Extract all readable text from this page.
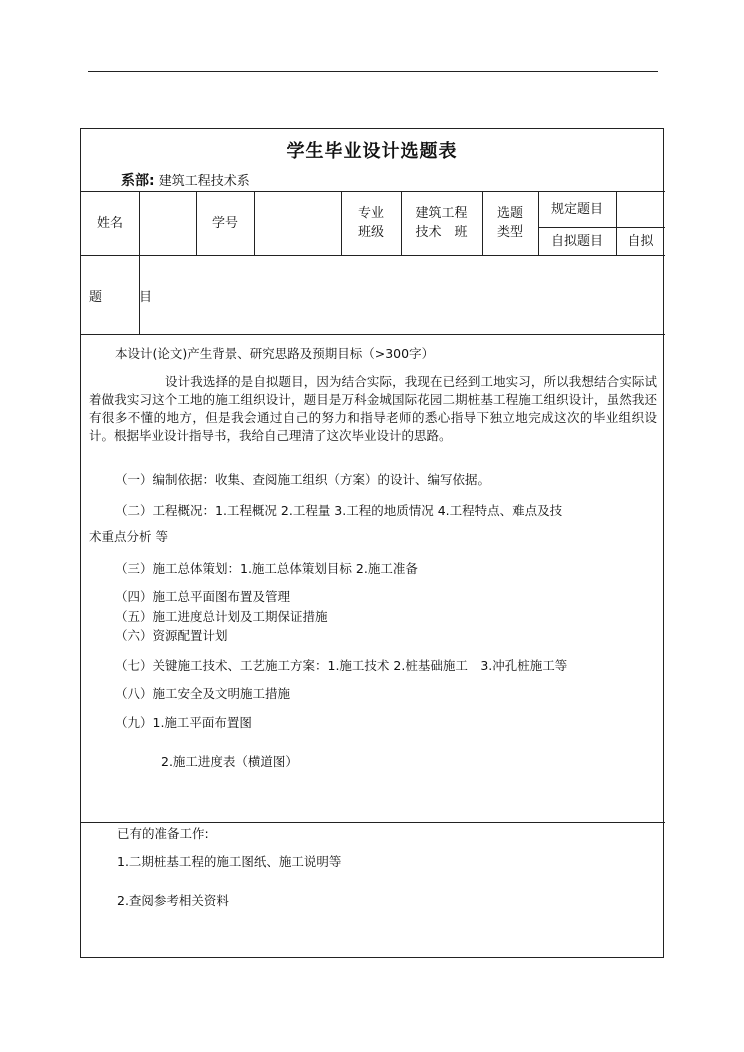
学生毕业设计选题表
系部: 建筑工程技术系
姓名	学号
专业
班级
建筑工程
技术　班
选题
类型
规定题目
自拟题目	自拟
题　目
本设计(论文)产生背景、研究思路及预期目标（>300字）
设计我选择的是自拟题目，因为结合实际，我现在已经到工地实习，所以我想结合实际试着做我实习这个工地的施工组织设计，题目是万科金城国际花园二期桩基工程施工组织设计，虽然我还有很多不懂的地方，但是我会通过自己的努力和指导老师的悉心指导下独立地完成这次的毕业组织设计。根据毕业设计指导书，我给自己理清了这次毕业设计的思路。
（一）编制依据：收集、查阅施工组织（方案）的设计、编写依据。
（二）工程概况：1.工程概况 2.工程量 3.工程的地质情况 4.工程特点、难点及技
术重点分析 等
（三）施工总体策划：1.施工总体策划目标 2.施工准备
（四）施工总平面图布置及管理
（五）施工进度总计划及工期保证措施
（六）资源配置计划
（七）关键施工技术、工艺施工方案：1.施工技术 2.桩基础施工　3.冲孔桩施工等
（八）施工安全及文明施工措施
（九）1.施工平面布置图
2.施工进度表（横道图）
已有的准备工作:
1.二期桩基工程的施工图纸、施工说明等
2.查阅参考相关资料
